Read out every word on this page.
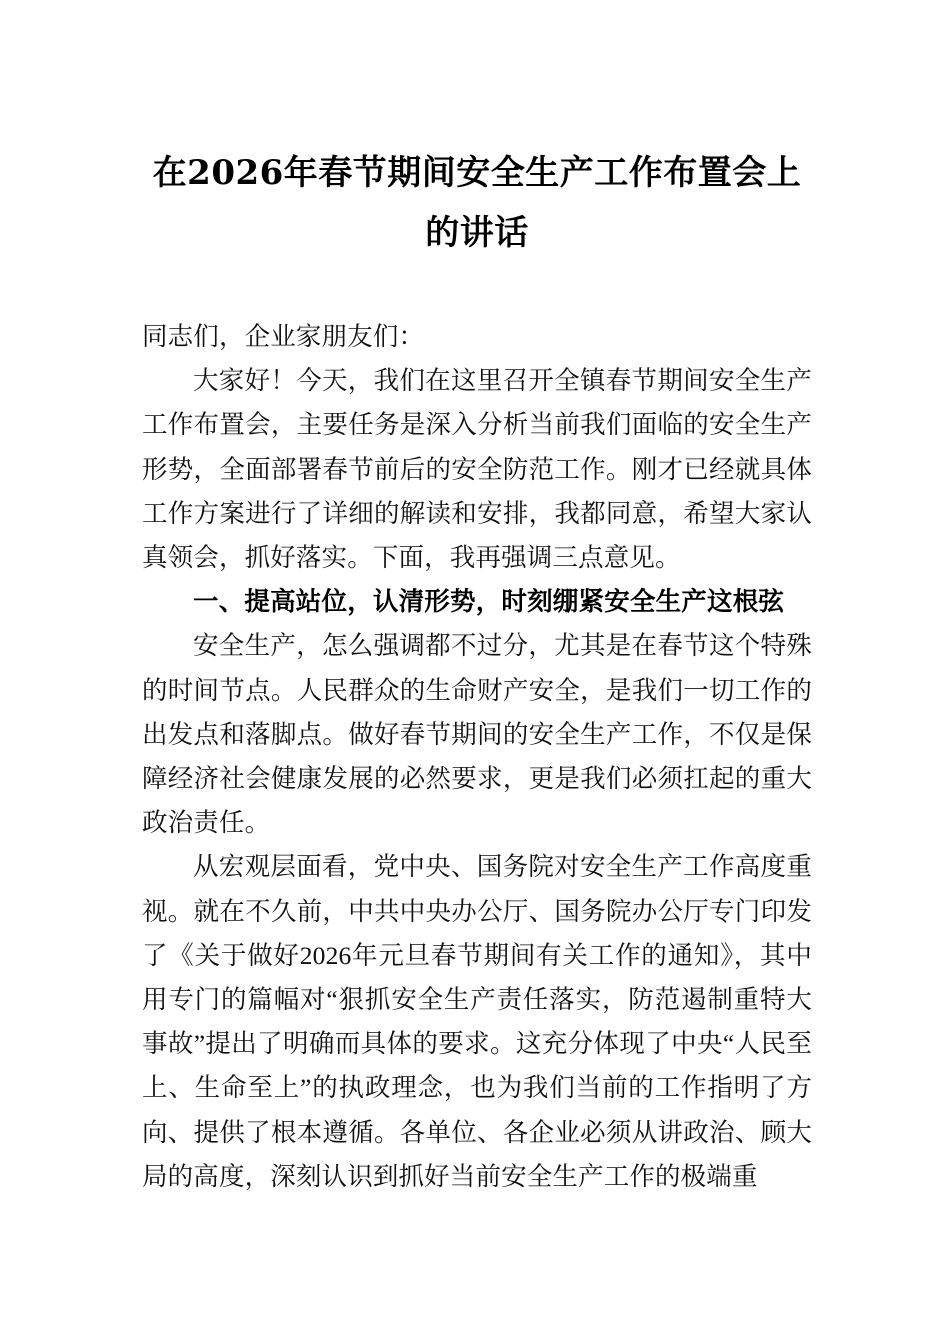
在2026年春节期间安全生产工作布置会上的讲话

同志们，企业家朋友们：

大家好！今天，我们在这里召开全镇春节期间安全生产工作布置会，主要任务是深入分析当前我们面临的安全生产形势，全面部署春节前后的安全防范工作。刚才已经就具体工作方案进行了详细的解读和安排，我都同意，希望大家认真领会，抓好落实。下面，我再强调三点意见。

一、提高站位，认清形势，时刻绷紧安全生产这根弦

安全生产，怎么强调都不过分，尤其是在春节这个特殊的时间节点。人民群众的生命财产安全，是我们一切工作的出发点和落脚点。做好春节期间的安全生产工作，不仅是保障经济社会健康发展的必然要求，更是我们必须扛起的重大政治责任。

从宏观层面看，党中央、国务院对安全生产工作高度重视。就在不久前，中共中央办公厅、国务院办公厅专门印发了《关于做好2026年元旦春节期间有关工作的通知》，其中用专门的篇幅对“狠抓安全生产责任落实，防范遏制重特大事故”提出了明确而具体的要求。这充分体现了中央“人民至上、生命至上”的执政理念，也为我们当前的工作指明了方向、提供了根本遵循。各单位、各企业必须从讲政治、顾大局的高度，深刻认识到抓好当前安全生产工作的极端重
